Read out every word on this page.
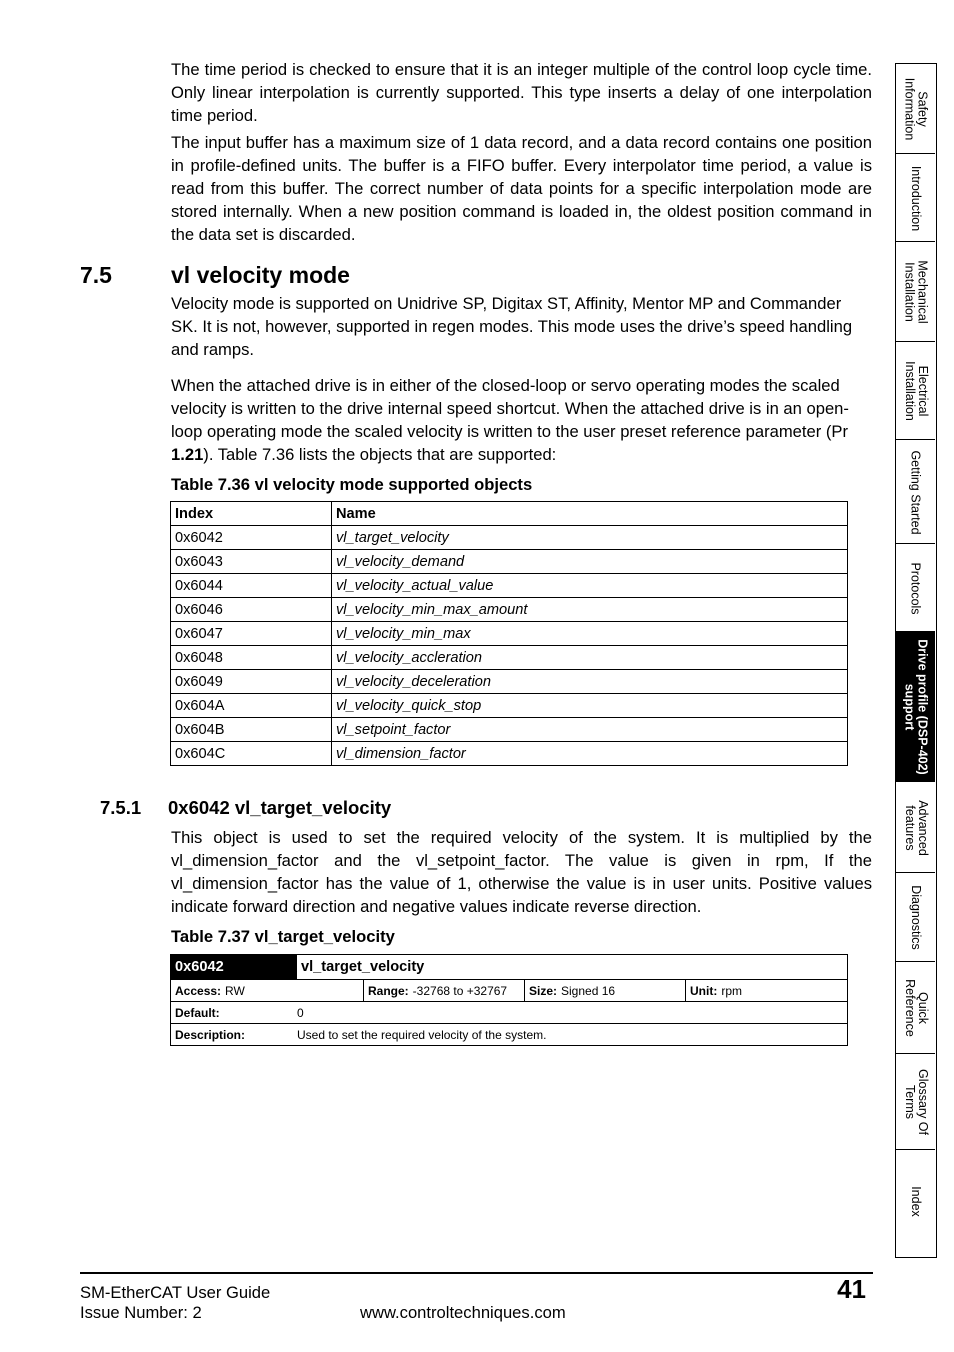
The time period is checked to ensure that it is an integer multiple of the control loop cycle time. Only linear interpolation is currently supported. This type inserts a delay of one interpolation time period.

The input buffer has a maximum size of 1 data record, and a data record contains one position in profile-defined units. The buffer is a FIFO buffer. Every interpolator time period, a value is read from this buffer. The correct number of data points for a specific interpolation mode are stored internally. When a new position command is loaded in, the oldest position command in the data set is discarded.

7.5	vl velocity mode

Velocity mode is supported on Unidrive SP, Digitax ST, Affinity, Mentor MP and Commander SK. It is not, however, supported in regen modes. This mode uses the drive’s speed handling and ramps.

When the attached drive is in either of the closed-loop or servo operating modes the scaled velocity is written to the drive internal speed shortcut. When the attached drive is in an open-loop operating mode the scaled velocity is written to the user preset reference parameter (Pr 1.21). Table 7.36 lists the objects that are supported:

Table 7.36 vl velocity mode supported objects
Index	Name
0x6042	vl_target_velocity
0x6043	vl_velocity_demand
0x6044	vl_velocity_actual_value
0x6046	vl_velocity_min_max_amount
0x6047	vl_velocity_min_max
0x6048	vl_velocity_accleration
0x6049	vl_velocity_deceleration
0x604A	vl_velocity_quick_stop
0x604B	vl_setpoint_factor
0x604C	vl_dimension_factor
7.5.1 0x6042 vl_target_velocity

This object is used to set the required velocity of the system. It is multiplied by the vl_dimension_factor and the vl_setpoint_factor. The value is given in rpm, If the vl_dimension_factor has the value of 1, otherwise the value is in user units. Positive values indicate forward direction and negative values indicate reverse direction.

Table 7.37 vl_target_velocity
0x6042	vl_target_velocity
Access: RW	Range: -32768 to +32767 Size: Signed 16	Unit: rpm
Default:	0
Description:	Used to set the required velocity of the system.
Safety
Information
Introduction
Mechanical
Installation
Electrical
Installation
Getting Started
Protocols
Drive profile (DSP-402)
support
Advanced
features
Diagnostics
Quick
Reference
Glossary Of
Terms
Index
SM-EtherCAT User Guide
Issue Number: 2	www.controltechniques.com
41
